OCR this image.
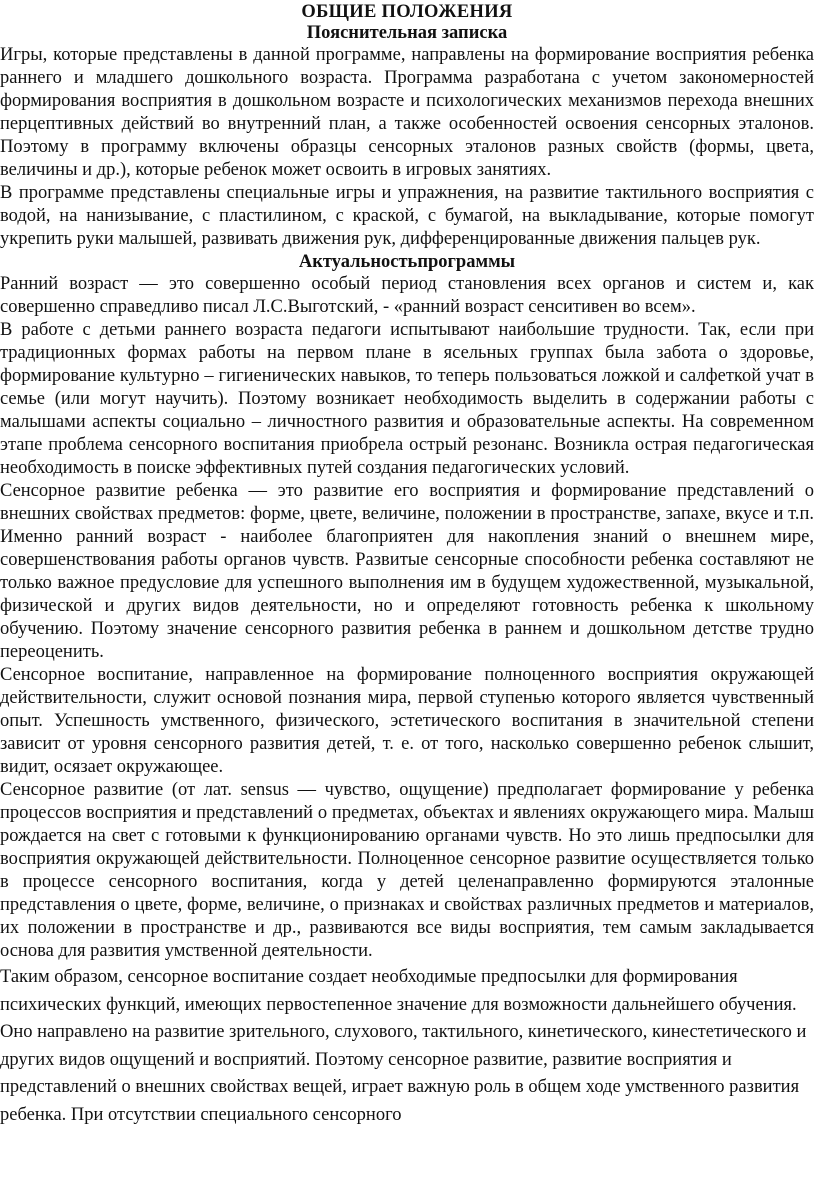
ОБЩИЕ ПОЛОЖЕНИЯ
Пояснительная записка

Игры, которые представлены в данной программе, направлены на формирование восприятия ребенка раннего и младшего дошкольного возраста. Программа разработана с учетом закономерностей формирования восприятия в дошкольном возрасте и психологических механизмов перехода внешних перцептивных действий во внутренний план, а также особенностей освоения сенсорных эталонов. Поэтому в программу включены образцы сенсорных эталонов разных свойств (формы, цвета, величины и др.), которые ребенок может освоить в игровых занятиях.

В программе представлены специальные игры и упражнения, на развитие тактильного восприятия с водой, на нанизывание, с пластилином, с краской, с бумагой, на выкладывание, которые помогут укрепить руки малышей, развивать движения рук, дифференцированные движения пальцев рук.

Актуальностьпрограммы

Ранний возраст — это совершенно особый период становления всех органов и систем и, как совершенно справедливо писал Л.С.Выготский, - «ранний возраст сенситивен во всем».

В работе с детьми раннего возраста педагоги испытывают наибольшие трудности. Так, если при традиционных формах работы на первом плане в ясельных группах была забота о здоровье, формирование культурно – гигиенических навыков, то теперь пользоваться ложкой и салфеткой учат в семье (или могут научить). Поэтому возникает необходимость выделить в содержании работы с малышами аспекты социально – личностного развития и образовательные аспекты. На современном этапе проблема сенсорного воспитания приобрела острый резонанс. Возникла острая педагогическая необходимость в поиске эффективных путей создания педагогических условий.

Сенсорное развитие ребенка — это развитие его восприятия и формирование представлений о внешних свойствах предметов: форме, цвете, величине, положении в пространстве, запахе, вкусе и т.п. Именно ранний возраст - наиболее благоприятен для накопления знаний о внешнем мире, совершенствования работы органов чувств. Развитые сенсорные способности ребенка составляют не только важное предусловие для успешного выполнения им в будущем художественной, музыкальной, физической и других видов деятельности, но и определяют готовность ребенка к школьному обучению. Поэтому значение сенсорного развития ребенка в раннем и дошкольном детстве трудно переоценить.

Сенсорное воспитание, направленное на формирование полноценного восприятия окружающей действительности, служит основой познания мира, первой ступенью которого является чувственный опыт. Успешность умственного, физического, эстетического воспитания в значительной степени зависит от уровня сенсорного развития детей, т. е. от того, насколько совершенно ребенок слышит, видит, осязает окружающее.

Сенсорное развитие (от лат. sensus — чувство, ощущение) предполагает формирование у ребенка процессов восприятия и представлений о предметах, объектах и явлениях окружающего мира. Малыш рождается на свет с готовыми к функционированию органами чувств. Но это лишь предпосылки для восприятия окружающей действительности. Полноценное сенсорное развитие осуществляется только в процессе сенсорного воспитания, когда у детей целенаправленно формируются эталонные представления о цвете, форме, величине, о признаках и свойствах различных предметов и материалов, их положении в пространстве и др., развиваются все виды восприятия, тем самым закладывается основа для развития умственной деятельности.

Таким образом, сенсорное воспитание создает необходимые предпосылки для формирования психических функций, имеющих первостепенное значение для возможности дальнейшего обучения. Оно направлено на развитие зрительного, слухового, тактильного, кинетического, кинестетического и других видов ощущений и восприятий. Поэтому сенсорное развитие, развитие восприятия и представлений о внешних свойствах вещей, играет важную роль в общем ходе умственного развития ребенка. При отсутствии специального сенсорного
